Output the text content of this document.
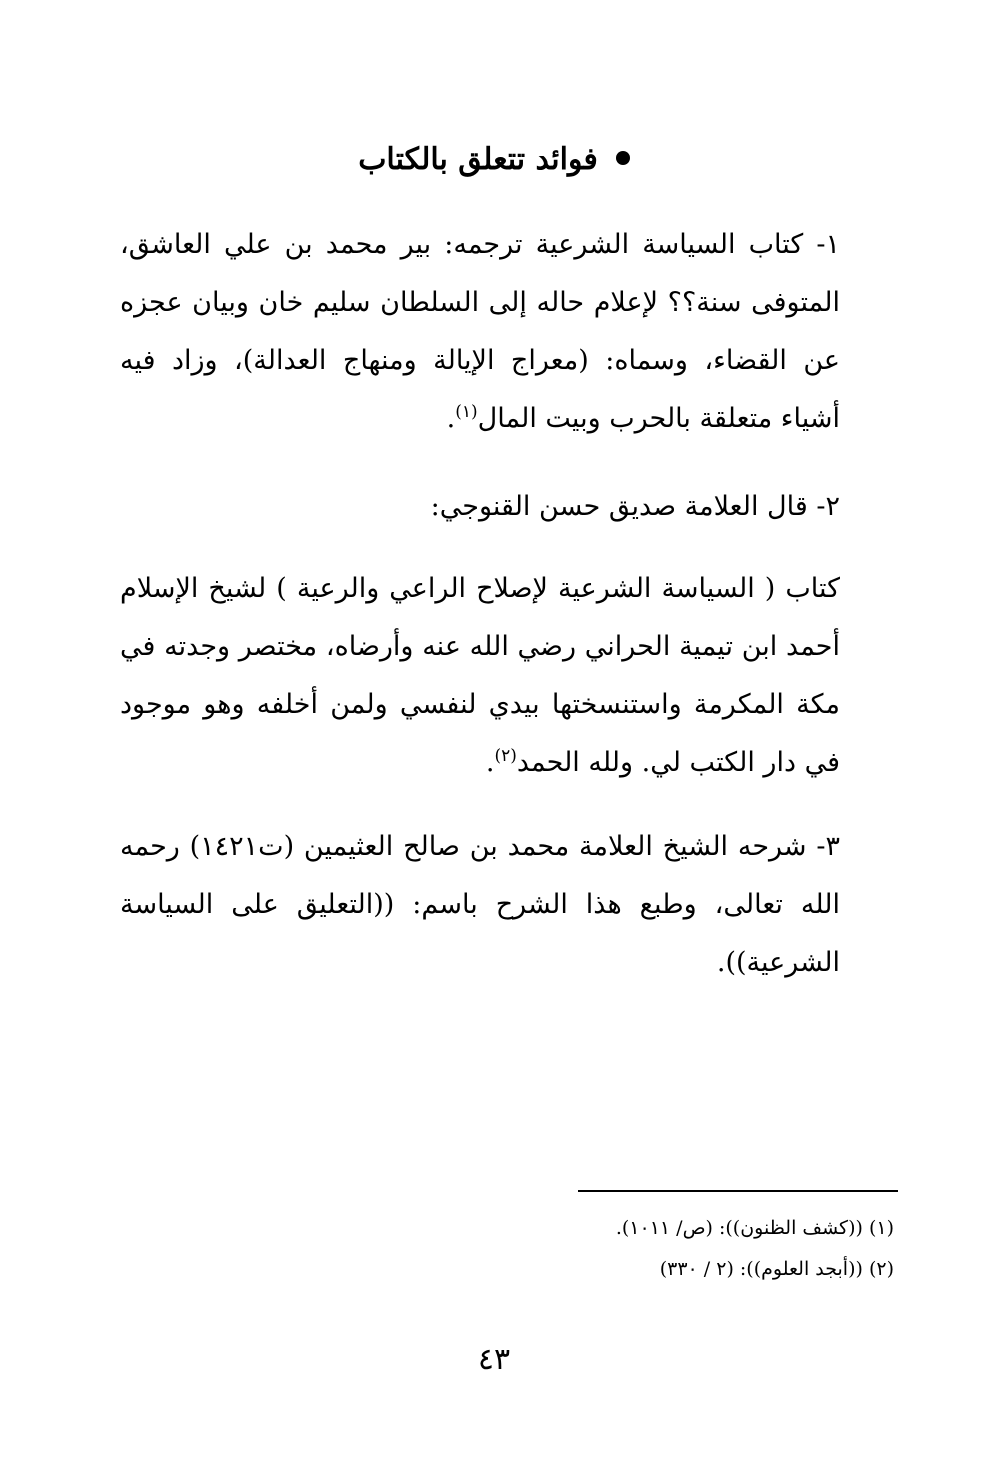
فوائد تتعلق بالكتاب
١- كتاب السياسة الشرعية ترجمه: بير محمد بن علي العاشق، المتوفى سنة؟؟ لإعلام حاله إلى السلطان سليم خان وبيان عجزه عن القضاء، وسماه: (معراج الإيالة ومنهاج العدالة)، وزاد فيه أشياء متعلقة بالحرب وبيت المال$^{(١)}$.
٢- قال العلامة صديق حسن القنوجي:
كتاب ( السياسة الشرعية لإصلاح الراعي والرعية ) لشيخ الإسلام أحمد ابن تيمية الحراني رضي الله عنه وأرضاه، مختصر وجدته في مكة المكرمة واستنسختها بيدي لنفسي ولمن أخلفه وهو موجود في دار الكتب لي. ولله الحمد$^{(٢)}$.
٣- شرحه الشيخ العلامة محمد بن صالح العثيمين (ت١٤٢١) رحمه الله تعالى، وطبع هذا الشرح باسم: ((التعليق على السياسة الشرعية)).
(١) ((كشف الظنون)): (ص/ ١٠١١).
(٢) ((أبجد العلوم)): (٢ / ٣٣٠)
٤٣
